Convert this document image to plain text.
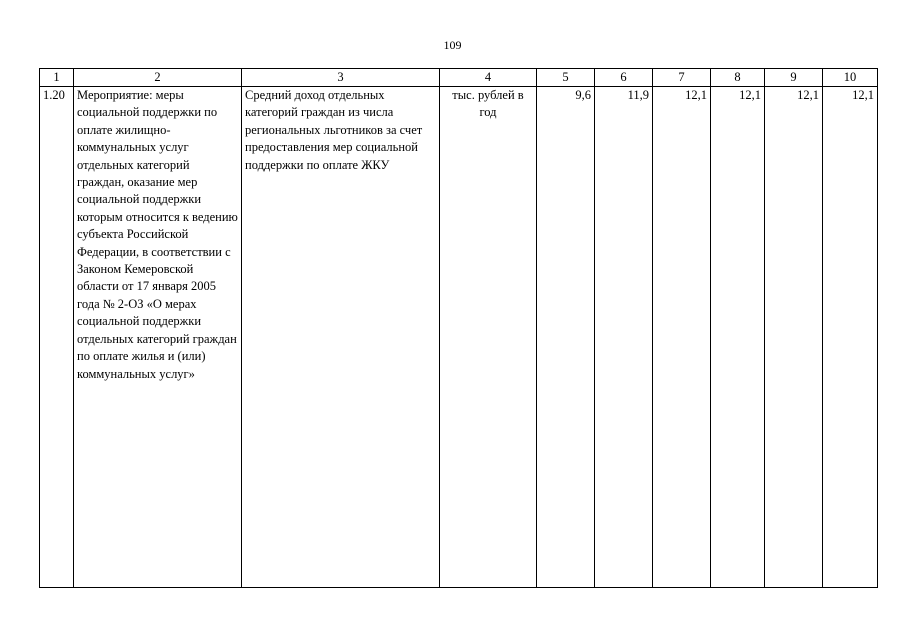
109
1	2	3	4	5	6	7	8	9	10
1.20	Мероприятие: меры социальной поддержки по оплате жилищно-коммунальных услуг отдельных категорий граждан, оказание мер социальной поддержки которым относится к ведению субъекта Российской Федерации, в соответствии с Законом Кемеровской области от 17 января 2005 года № 2-ОЗ «О мерах социальной поддержки отдельных категорий граждан по оплате жилья и (или) коммунальных услуг»	Средний доход отдельных категорий граждан из числа региональных льготников за счет предоставления мер социальной поддержки по оплате ЖКУ	тыс. рублей в год	9,6	11,9	12,1	12,1	12,1	12,1
